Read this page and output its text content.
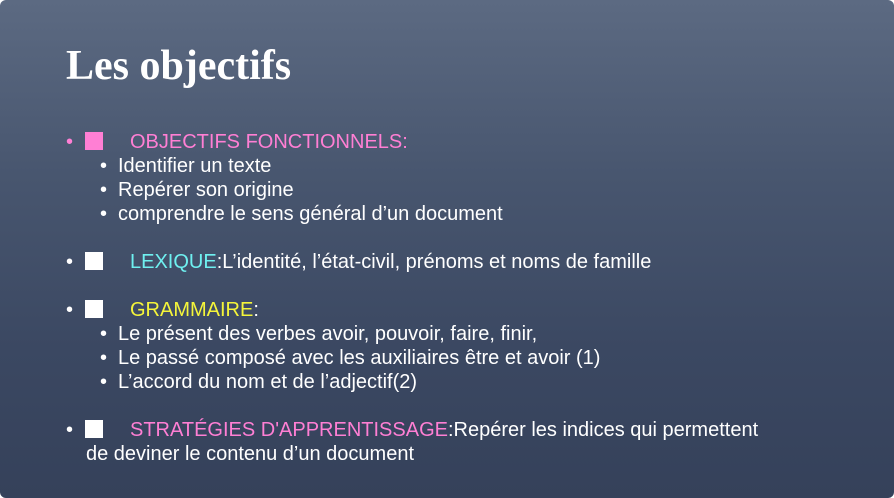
Les objectifs
•	OBJECTIFS FONCTIONNELS:
• Identifier un texte
• Repérer son origine
• comprendre le sens général d’un document
•	LEXIQUE:L’identité, l’état-civil, prénoms et noms de famille
•	GRAMMAIRE:
• Le présent des verbes avoir, pouvoir, faire, finir,
• Le passé composé avec les auxiliaires être et avoir (1)
• L’accord du nom et de l’adjectif(2)
•	STRATÉGIES D'APPRENTISSAGE:Repérer les indices qui permettent
de deviner le contenu d’un document
